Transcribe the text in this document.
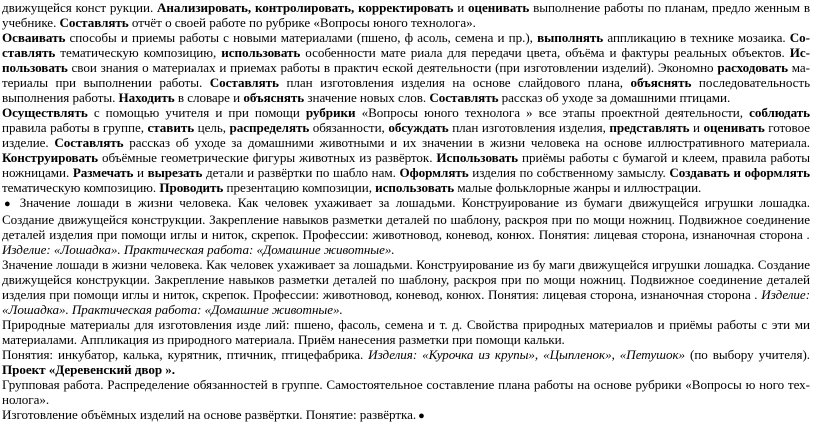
движущейся конст рукции. Анализировать, контролировать, корректировать и оценивать выполнение работы по планам, предло женным в учебнике. Составлять отчёт о своей работе по рубрике «Вопросы юного технолога».

Осваивать способы и приемы работы с новыми материалами (пшено, ф асоль, семена и пр.), выполнять аппликацию в технике мозаика. Со-ставлять тематическую композицию, использовать особенности мате риала для передачи цвета, объёма и фактуры реальных объектов. Ис-пользовать свои знания о материалах и приемах работы в практич еской деятельности (при изготовлении изделий). Экономно расходовать ма-териалы при выполнении работы. Составлять план изготовления изделия на основе слайдового плана, объяснять последовательность выполнения работы. Находить в словаре и объяснять значение новых слов. Составлять рассказ об уходе за домашними птицами.

Осуществлять с помощью учителя и при помощи рубрики «Вопросы юного технолога » все этапы проектной деятельности, соблюдать правила работы в группе, ставить цель, распределять обязанности, обсуждать план изготовления изделия, представлять и оценивать готовое изделие. Составлять рассказ об уходе за домашними животными и их значении в жизни человека на основе иллюстративного материала. Конструировать объёмные геометрические фигуры животных из развёрток. Использовать приёмы работы с бумагой и клеем, правила работы ножницами. Размечать и вырезать детали и развёртки по шабло нам. Оформлять изделия по собственному замыслу. Создавать и оформлять тематическую композицию. Проводить презентацию композиции, использовать малые фольклорные жанры и иллюстрации.

● Значение лошади в жизни человека. Как человек ухаживает за лошадьми. Конструирование из бумаги движущейся игрушки лошадка. Создание движущейся конструкции. Закрепление навыков разметки деталей по шаблону, раскроя при по мощи ножниц. Подвижное соединение деталей изделия при помощи иглы и ниток, скрепок. Профессии: животновод, коневод, конюх. Понятия: лицевая сторона, изнаночная сторона . Изделие: «Лошадка». Практическая работа: «Домашние животные».

Значение лошади в жизни человека. Как человек ухаживает за лошадьми. Конструирование из бу маги движущейся игрушки лошадка. Создание движущейся конструкции. Закрепление навыков разметки деталей по шаблону, раскроя при по мощи ножниц. Подвижное соединение деталей изделия при помощи иглы и ниток, скрепок. Профессии: животновод, коневод, конюх. Понятия: лицевая сторона, изнаночная сторона . Изделие: «Лошадка». Практическая работа: «Домашние животные».

Природные материалы для изготовления изде лий: пшено, фасоль, семена и т. д. Свойства природных материалов и приёмы работы с эти ми материалами. Аппликация из природного материала. Приём нанесения разметки при помощи кальки.

Понятия: инкубатор, калька, курятник, птичник, птицефабрика. Изделия: «Курочка из крупы», «Цыпленок», «Петушок» (по выбору учителя). Проект «Деревенский двор ».

Групповая работа. Распределение обязанностей в группе. Самостоятельное составление плана работы на основе рубрики «Вопросы ю ного тех-нолога».

Изготовление объёмных изделий на основе развёртки. Понятие: развёртка. ●
